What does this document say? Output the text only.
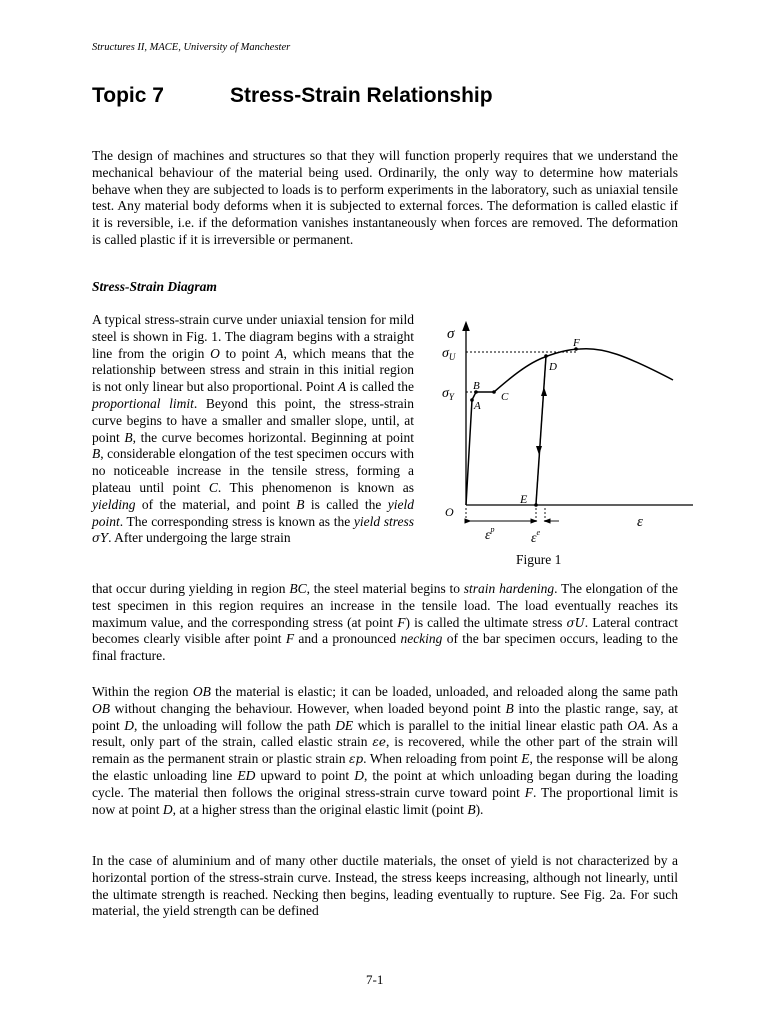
Structures II, MACE, University of Manchester
Topic 7	Stress-Strain Relationship

The design of machines and structures so that they will function properly requires that we understand the mechanical behaviour of the material being used. Ordinarily, the only way to determine how materials behave when they are subjected to loads is to perform experiments in the laboratory, such as uniaxial tensile test. Any material body deforms when it is subjected to external forces. The deformation is called elastic if it is reversible, i.e. if the deformation vanishes instantaneously when forces are removed. The deformation is called plastic if it is irreversible or permanent.

Stress-Strain Diagram

A typical stress-strain curve under uniaxial tension for mild steel is shown in Fig. 1. The diagram begins with a straight line from the origin O to point A, which means that the relationship between stress and strain in this initial region is not only linear but also proportional. Point A is called the proportional limit. Beyond this point, the stress-strain curve begins to have a smaller and smaller slope, until, at point B, the curve becomes horizontal. Beginning at point B, considerable elongation of the test specimen occurs with no noticeable increase in the tensile stress, forming a plateau until point C. This phenomenon is known as yielding of the material, and point B is called the yield point. The corresponding stress is known as the yield stress σY. After undergoing the large strain

that occur during yielding in region BC, the steel material begins to strain hardening. The elongation of the test specimen in this region requires an increase in the tensile load. The load eventually reaches its maximum value, and the corresponding stress (at point F) is called the ultimate stress σU. Lateral contract becomes clearly visible after point F and a pronounced necking of the bar specimen occurs, leading to the final fracture.

Within the region OB the material is elastic; it can be loaded, unloaded, and reloaded along the same path OB without changing the behaviour. However, when loaded beyond point B into the plastic range, say, at point D, the unloading will follow the path DE which is parallel to the initial linear elastic path OA. As a result, only part of the strain, called elastic strain εe, is recovered, while the other part of the strain will remain as the permanent strain or plastic strain εp. When reloading from point E, the response will be along the elastic unloading line ED upward to point D, the point at which unloading began during the loading cycle. The material then follows the original stress-strain curve toward point F. The proportional limit is now at point D, at a higher stress than the original elastic limit (point B).

In the case of aluminium and of many other ductile materials, the onset of yield is not characterized by a horizontal portion of the stress-strain curve. Instead, the stress keeps increasing, although not linearly, until the ultimate strength is reached. Necking then begins, leading eventually to rupture. See Fig. 2a. For such material, the yield strength can be defined

σ
$\sigma_U$
$\sigma_Y$
O
A
B
C
D
E
F
ε
$\varepsilon^p$
$\varepsilon^e$
Figure 1
7-1
